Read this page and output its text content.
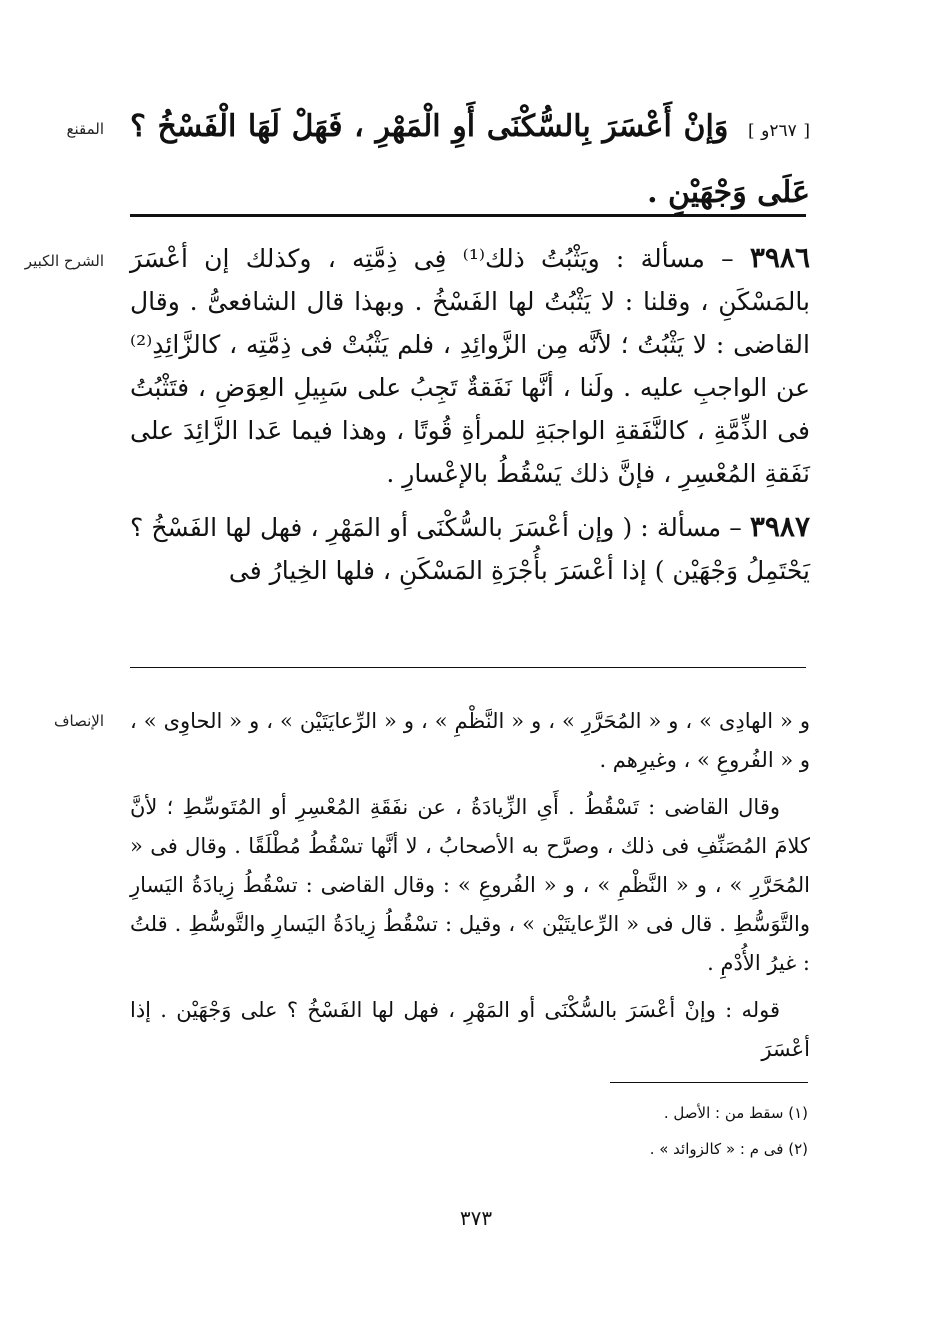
المقنع
الشرح الكبير
الإنصاف
[ ٢٦٧و ] وَإنْ أَعْسَرَ بِالسُّكْنَى أَوِ الْمَهْرِ ، فَهَلْ لَهَا الْفَسْخُ ؟ عَلَى وَجْهَيْنِ .

٣٩٨٦ – مسألة : ويَثْبُتُ ذلك⁽¹⁾ فِى ذِمَّتِه ، وكذلك إن أعْسَرَ بالمَسْكَنِ ، وقلنا : لا يَثْبُتُ لها الفَسْخُ . وبهذا قال الشافعىُّ . وقال القاضى : لا يَثْبُتُ ؛ لأنَّه مِن الزَّوائِدِ ، فلم يَثْبُتْ فى ذِمَّتِه ، كالزَّائِدِ⁽²⁾ عن الواجبِ عليه . ولَنا ، أنَّها نَفَقةٌ تَجِبُ على سَبِيلِ العِوَضِ ، فتَثْبُتُ فى الذِّمَّةِ ، كالنَّفَقةِ الواجبَةِ للمرأةِ قُوتًا ، وهذا فيما عَدا الزَّائِدَ على نَفَقةِ المُعْسِرِ ، فإنَّ ذلك يَسْقُطُ بالإعْسارِ .

٣٩٨٧ – مسألة : ( وإن أعْسَرَ بالسُّكْنَى أو المَهْرِ ، فهل لها الفَسْخُ ؟ يَحْتَمِلُ وَجْهَيْن ) إذا أعْسَرَ بأُجْرَةِ المَسْكَنِ ، فلها الخِيارُ فى

و « الهادِى » ، و « المُحَرَّرِ » ، و « النَّظْمِ » ، و « الرِّعايَتَيْن » ، و « الحاوِى » ، و « الفُروعِ » ، وغيرِهم .

وقال القاضى : تَسْقُطُ . أَىِ الزِّيادَةُ ، عن نفَقَةِ المُعْسِرِ أو المُتَوسِّطِ ؛ لأنَّ كلامَ المُصَنِّفِ فى ذلك ، وصرَّح به الأصحابُ ، لا أنَّها تسْقُطُ مُطْلَقًا . وقال فى « المُحَرَّرِ » ، و « النَّظْمِ » ، و « الفُروعِ » : وقال القاضى : تسْقُطُ زِيادَةُ اليَسارِ والتَّوَسُّطِ . قال فى « الرِّعايتَيْن » ، وقيل : تسْقُطُ زِيادَةُ اليَسارِ والتَّوسُّطِ . قلتُ : غيرُ الأُدْمِ .

قوله : وإنْ أعْسَرَ بالسُّكْنَى أو المَهْرِ ، فهل لها الفَسْخُ ؟ على وَجْهَيْن . إذا أعْسَرَ

(١) سقط من : الأصل .
(٢) فى م : « كالزوائد » .
٣٧٣
